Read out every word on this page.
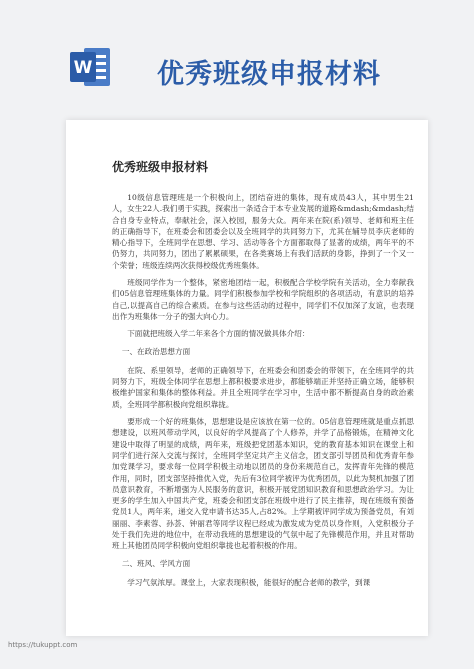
W 优秀班级申报材料
优秀班级申报材料

10级信息管理班是一个积极向上，团结奋进的集体，现有成员43人，其中男生21人，女生22人.我们勇于实践，探索出一条适合于本专业发展的道路&mdash;&mdash;结合自身专业特点，奉献社会，深入校园，服务大众。两年来在院(系)领导、老师和班主任的正确指导下，在班委会和团委会以及全班同学的共同努力下，尤其在辅导员李庆老师的精心指导下，全班同学在思想、学习、活动等各个方面都取得了显著的成绩，两年平的不仍努力，共同努力，团出了累累硕果，在各类赛场上有我们活跃的身影，挣到了一个又一个荣誉；班级连续两次获得校级优秀班集体。

班级同学作为一个整体，紧密地团结一起，积极配合学校学院有关活动，全力奉献我们05信息管理班集体的力量。同学们积极参加学校和学院组织的各项活动，有意识的培养自己,以提高自己的综合素质。在参与这些活动的过程中，同学们不仅加深了友谊，也表现出作为班集体一分子的强大向心力。

下面就把班级入学二年来各个方面的情况做具体介绍：

一、在政治思想方面

在院、系里领导，老师的正确领导下，在班委会和团委会的带领下，在全班同学的共同努力下，班级全体同学在思想上都积极要求进步，都能够端正并坚持正确立场，能够积极维护国家和集体的整体利益。并且全班同学在学习中，生活中都不断提高自身的政治素质，全班同学都积极向党组织靠拢。

要形成一个好的班集体，思想建设是应该放在第一位的。05信息管理班就是重点抓思想建设，以班风带动学风，以良好的学风提高了个人修养，并学了品格锻炼，在精神文化建设中取得了明显的成绩，两年来，班级把党团基本知识，党的教育基本知识在课堂上和同学们进行深入交流与探讨，全班同学坚定共产主义信念，团支部引导团员和优秀青年参加党课学习，要求每一位同学积极主动地以团员的身份来规范自己，发挥青年先锋的模范作用，同时，团支部坚持推优入党，先后有3位同学被评为优秀团员，以此为契机加强了团员意识教育，不断增强为人民服务的意识，积极开展党团知识教育和思想政治学习。为让更多的学生加入中国共产党，班委会和团支部在班级中进行了民主推荐，现在班级有预备党员1人，两年来，递交入党申请书达35人,占82%。上学期被评同学成为预备党员，有刘丽丽、李素蓉、孙荟、钟丽君等同学议程已经成为激发成为党员以身作则，入党积极分子处于我们先进的地位中，在带动我班的思想建设的气氛中起了先锋模范作用，并且对帮助班上其他团员同学积极向党组织靠拢也起着积极的作用。

二、班风、学风方面

学习气氛浓厚。课堂上，大家表现积极，能很好的配合老师的教学，到课

https://tukuppt.com
